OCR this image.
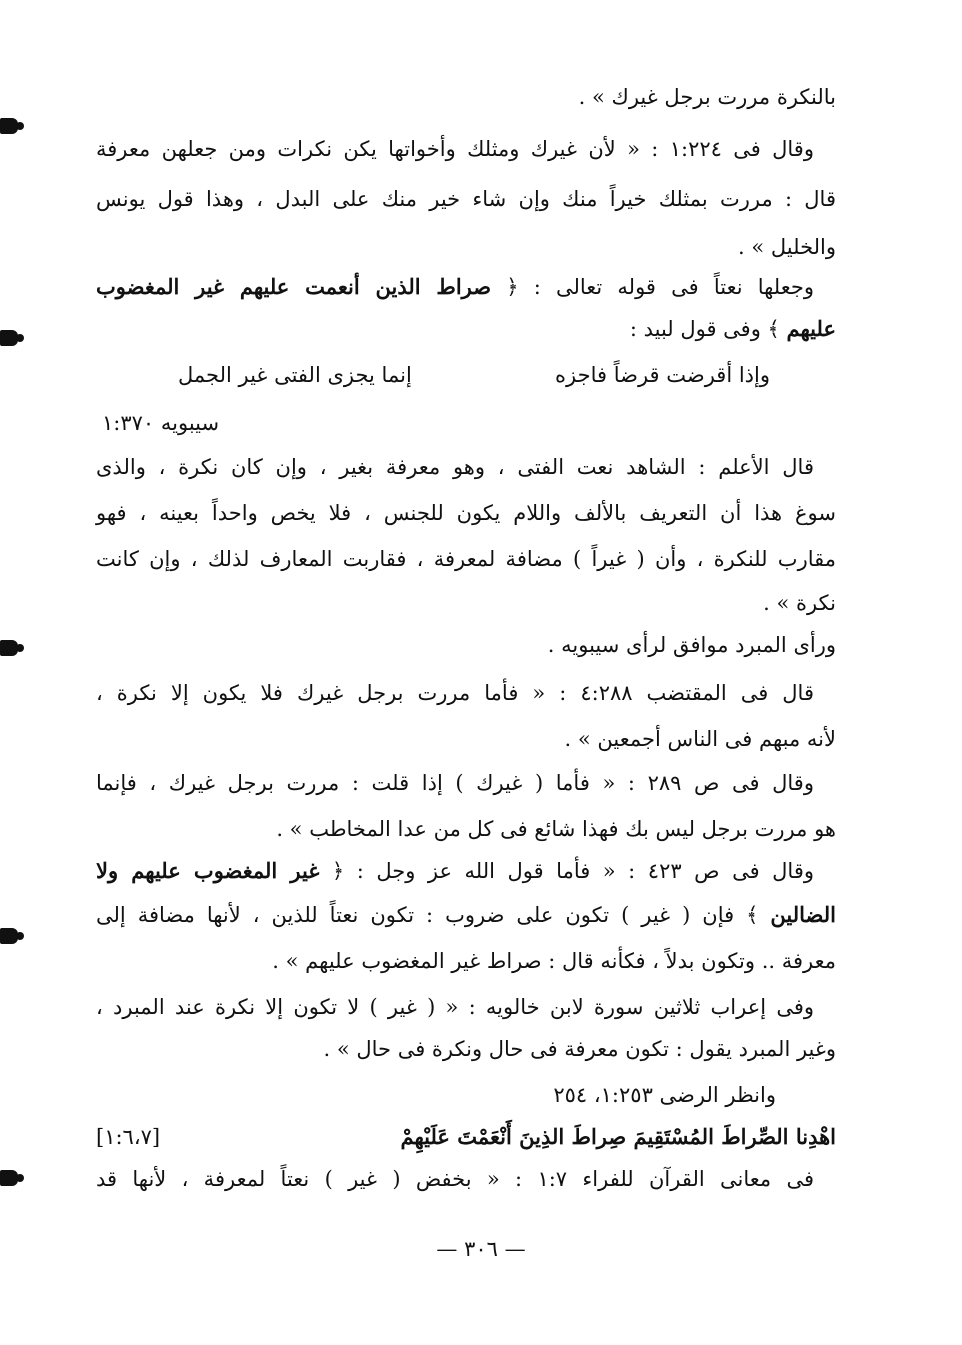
بالنكرة مررت برجل غيرك » .
وقال فى ١:٢٢٤ : « لأن غيرك ومثلك وأخواتها يكن نكرات ومن جعلهن معرفة
قال : مررت بمثلك خيراً منك وإن شاء خير منك على البدل ، وهذا قول يونس
والخليل » .
وجعلها نعتاً فى قوله تعالى : ﴿ صراط الذين أنعمت عليهم غير المغضوب
عليهم ﴾ وفى قول لبيد :
وإذا أقرضت قرضاً فاجزه
إنما يجزى الفتى غير الجمل
سيبويه ١:٣٧٠
قال الأعلم : الشاهد نعت الفتى ، وهو معرفة بغير ، وإن كان نكرة ، والذى
سوغ هذا أن التعريف بالألف واللام يكون للجنس ، فلا يخص واحداً بعينه ، فهو
مقارب للنكرة ، وأن ( غيراً ) مضافة لمعرفة ، فقاربت المعارف لذلك ، وإن كانت
نكرة » .
ورأى المبرد موافق لرأى سيبويه .
قال فى المقتضب ٤:٢٨٨ : « فأما مررت برجل غيرك فلا يكون إلا نكرة ،
لأنه مبهم فى الناس أجمعين » .
وقال فى ص ٢٨٩ : « فأما ( غيرك ) إذا قلت : مررت برجل غيرك ، فإنما
هو مررت برجل ليس بك فهذا شائع فى كل من عدا المخاطب » .
وقال فى ص ٤٢٣ : « فأما قول الله عز وجل : ﴿ غير المغضوب عليهم ولا
الضالين ﴾ فإن ( غير ) تكون على ضروب : تكون نعتاً للذين ، لأنها مضافة إلى
معرفة .. وتكون بدلاً ، فكأنه قال : صراط غير المغضوب عليهم » .
وفى إعراب ثلاثين سورة لابن خالويه : « ( غير ) لا تكون إلا نكرة عند المبرد ،
وغير المبرد يقول : تكون معرفة فى حال ونكرة فى حال » .
وانظر الرضى ١:٢٥٣، ٢٥٤
اهْدِنا الصِّراطَ المُسْتَقِيمَ صِراطَ الذِينَ أَنْعَمْتَ عَلَيْهِمْ
[١:٦،٧]
فى معانى القرآن للفراء ١:٧ : « بخفض ( غير ) نعتاً لمعرفة ، لأنها قد
— ٣٠٦ —
